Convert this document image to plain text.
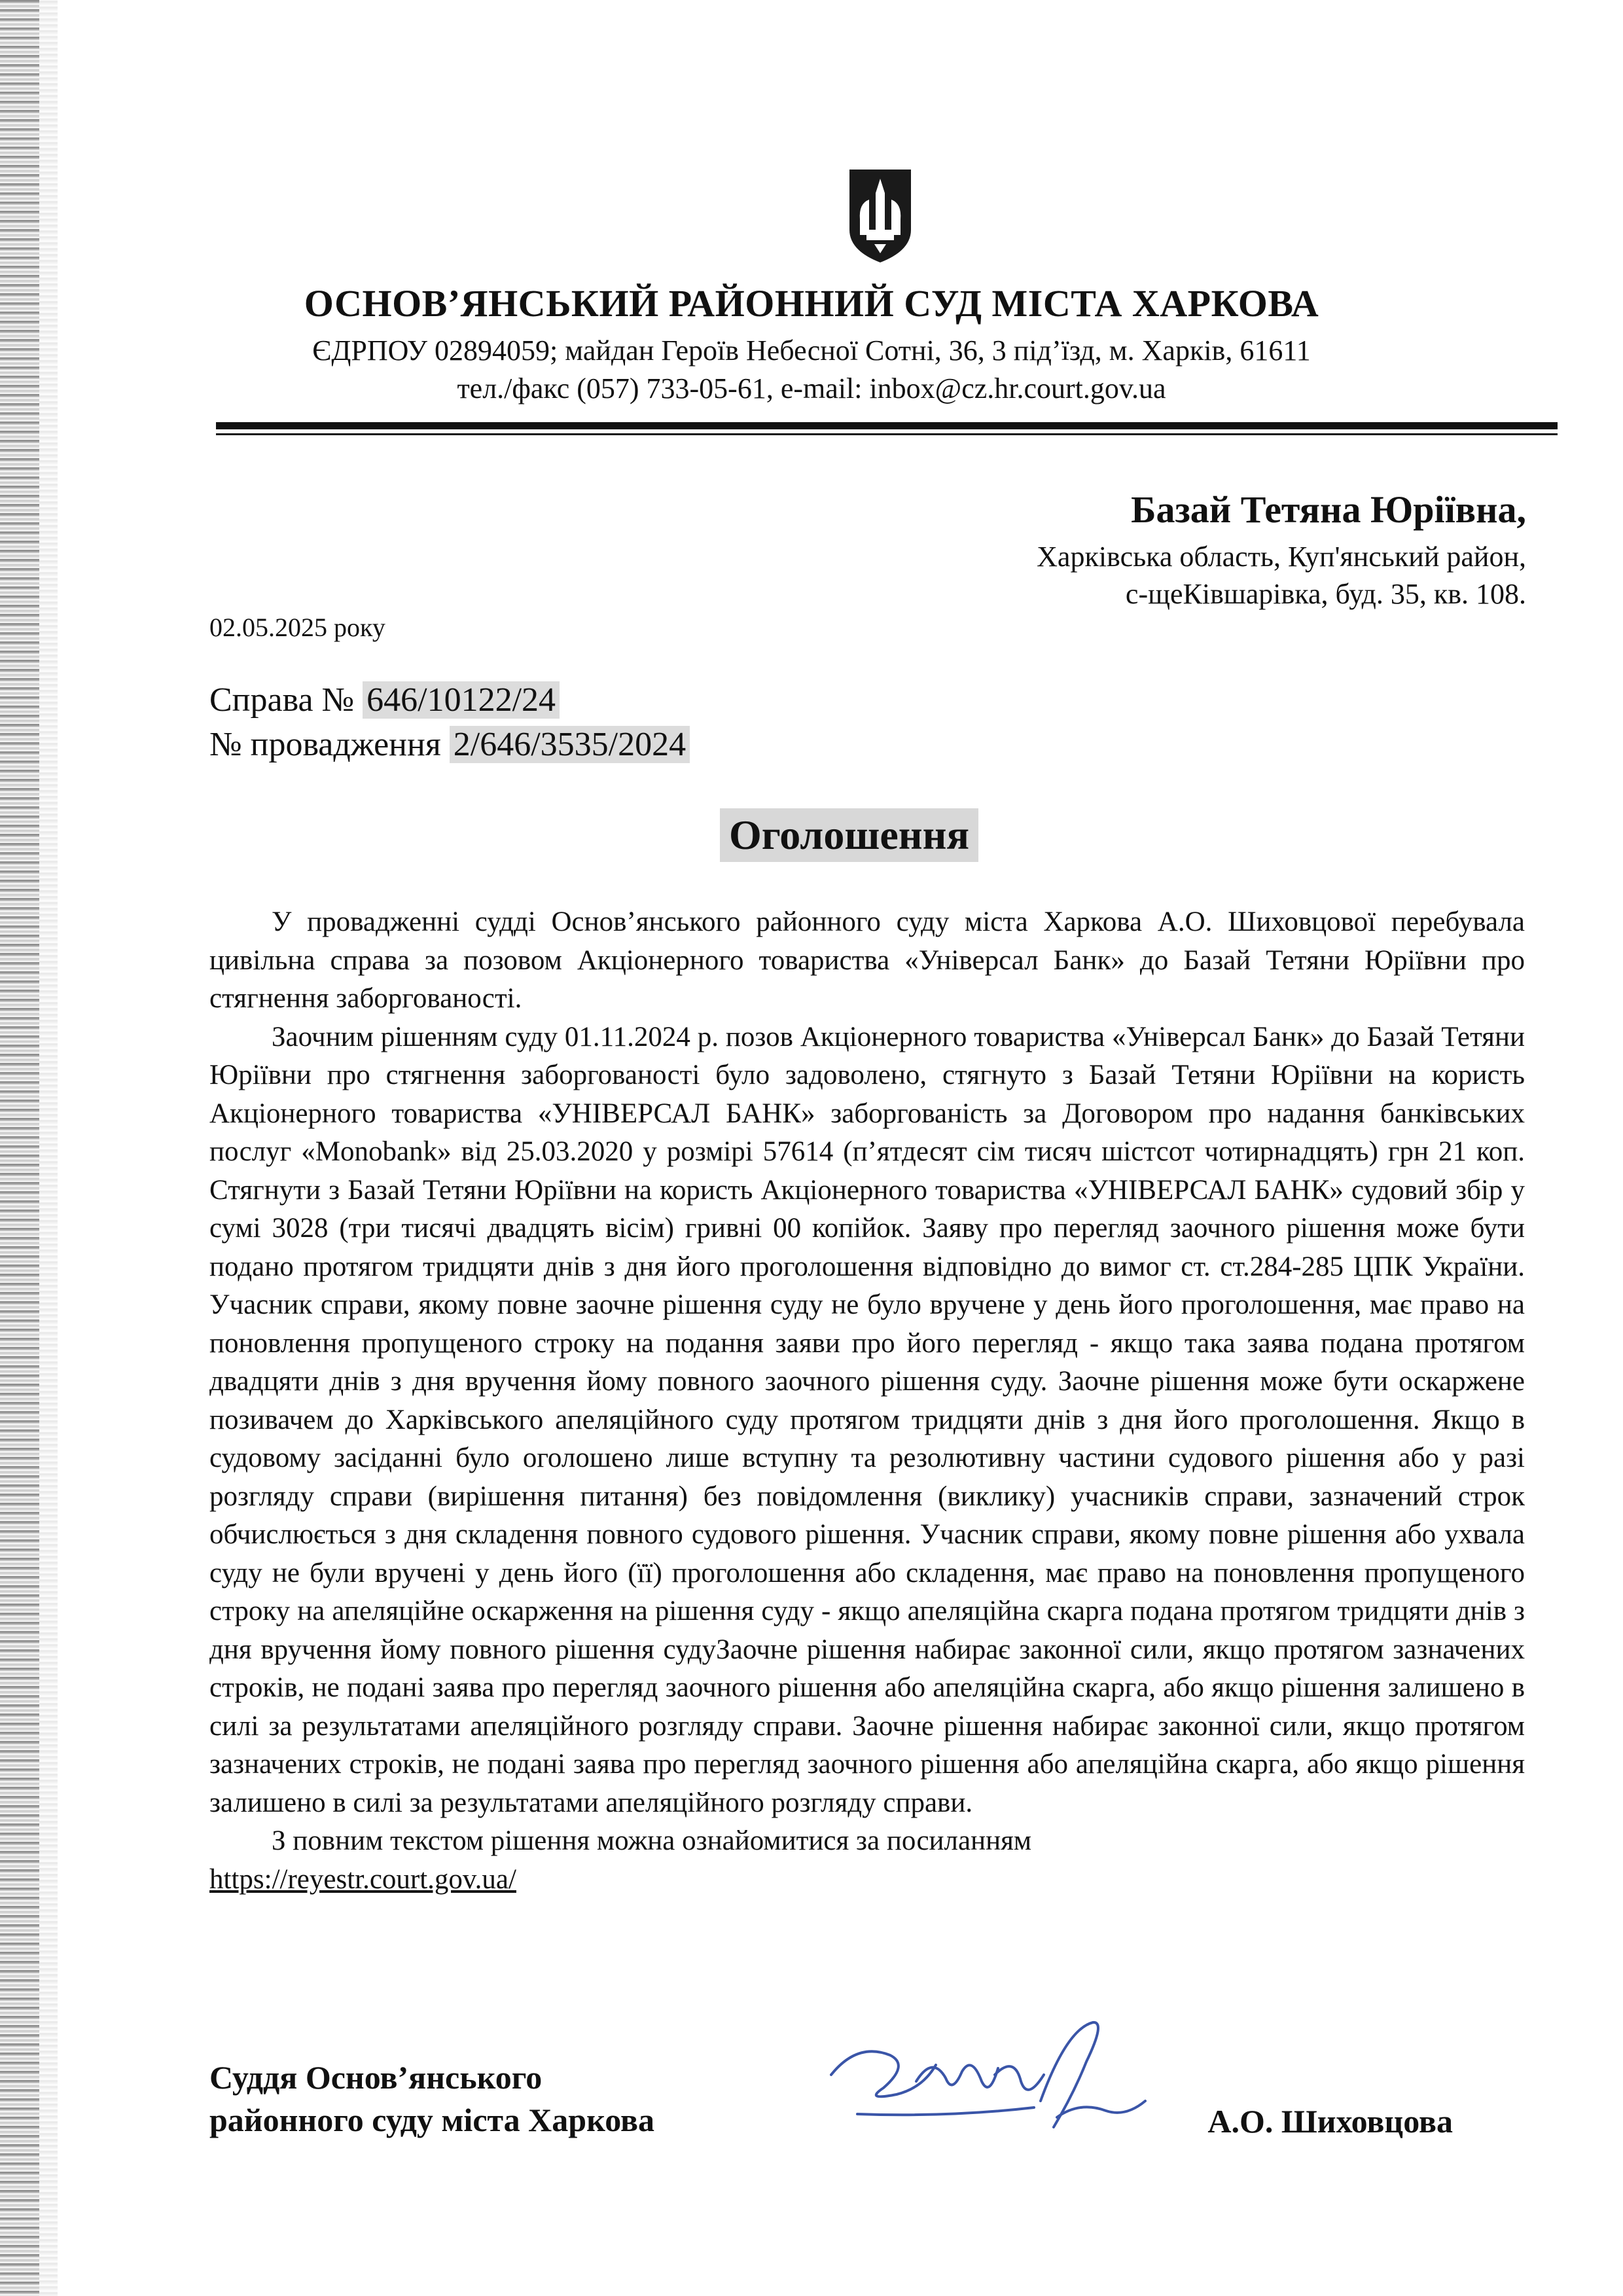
ОСНОВ’ЯНСЬКИЙ РАЙОННИЙ СУД МІСТА ХАРКОВА
ЄДРПОУ 02894059; майдан Героїв Небесної Сотні, 36, 3 під’їзд, м. Харків, 61611
тел./факс (057) 733-05-61, e-mail: inbox@cz.hr.court.gov.ua
Базай Тетяна Юріївна,
Харківська область, Куп'янський район,
с-щеКівшарівка, буд. 35, кв. 108.
02.05.2025 року
Справа № 646/10122/24
№ провадження 2/646/3535/2024
Оголошення

У провадженні судді Основ’янського районного суду міста Харкова А.О. Шиховцової перебувала цивільна справа за позовом Акціонерного товариства «Універсал Банк» до Базай Тетяни Юріївни про стягнення заборгованості.

Заочним рішенням суду 01.11.2024 р. позов Акціонерного товариства «Універсал Банк» до Базай Тетяни Юріївни про стягнення заборгованості було задоволено, стягнуто з Базай Тетяни Юріївни на користь Акціонерного товариства «УНІВЕРСАЛ БАНК» заборгованість за Договором про надання банківських послуг «Monobank» від 25.03.2020 у розмірі 57614 (п’ятдесят сім тисяч шістсот чотирнадцять) грн 21 коп. Стягнути з Базай Тетяни Юріївни на користь Акціонерного товариства «УНІВЕРСАЛ БАНК» судовий збір у сумі 3028 (три тисячі двадцять вісім) гривні 00 копійок. Заяву про перегляд заочного рішення може бути подано протягом тридцяти днів з дня його проголошення відповідно до вимог ст. ст.284-285 ЦПК України. Учасник справи, якому повне заочне рішення суду не було вручене у день його проголошення, має право на поновлення пропущеного строку на подання заяви про його перегляд - якщо така заява подана протягом двадцяти днів з дня вручення йому повного заочного рішення суду. Заочне рішення може бути оскаржене позивачем до Харківського апеляційного суду протягом тридцяти днів з дня його проголошення. Якщо в судовому засіданні було оголошено лише вступну та резолютивну частини судового рішення або у разі розгляду справи (вирішення питання) без повідомлення (виклику) учасників справи, зазначений строк обчислюється з дня складення повного судового рішення. Учасник справи, якому повне рішення або ухвала суду не були вручені у день його (її) проголошення або складення, має право на поновлення пропущеного строку на апеляційне оскарження на рішення суду - якщо апеляційна скарга подана протягом тридцяти днів з дня вручення йому повного рішення судуЗаочне рішення набирає законної сили, якщо протягом зазначених строків, не подані заява про перегляд заочного рішення або апеляційна скарга, або якщо рішення залишено в силі за результатами апеляційного розгляду справи. Заочне рішення набирає законної сили, якщо протягом зазначених строків, не подані заява про перегляд заочного рішення або апеляційна скарга, або якщо рішення залишено в силі за результатами апеляційного розгляду справи.

З повним текстом рішення можна ознайомитися за посиланням

https://reyestr.court.gov.ua/
Суддя Основ’янського
районного суду міста Харкова	А.О. Шиховцова
